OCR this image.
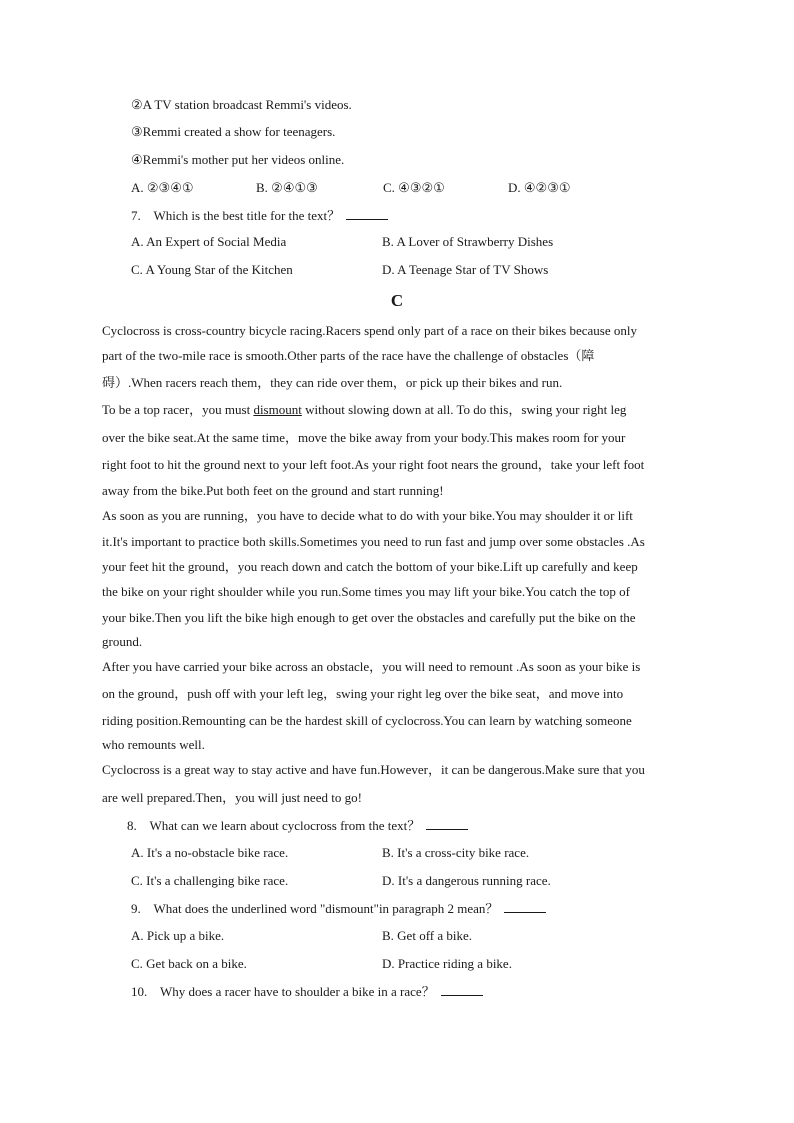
②A TV station broadcast Remmi's videos.
③Remmi created a show for teenagers.
④Remmi's mother put her videos online.
A. ②③④①	B. ②④①③	C. ④③②①	D. ④②③①
7. Which is the best title for the text？
A. An Expert of Social Media	B. A Lover of Strawberry Dishes
C. A Young Star of the Kitchen	D. A Teenage Star of TV Shows
C
Cyclocross is cross-country bicycle racing.Racers spend only part of a race on their bikes because only
part of the two-mile race is smooth.Other parts of the race have the challenge of obstacles（障
碍）.When racers reach them，they can ride over them，or pick up their bikes and run.
To be a top racer，you must dismount without slowing down at all. To do this，swing your right leg
over the bike seat.At the same time，move the bike away from your body.This makes room for your
right foot to hit the ground next to your left foot.As your right foot nears the ground，take your left foot
away from the bike.Put both feet on the ground and start running!
As soon as you are running，you have to decide what to do with your bike.You may shoulder it or lift
it.It's important to practice both skills.Sometimes you need to run fast and jump over some obstacles .As
your feet hit the ground，you reach down and catch the bottom of your bike.Lift up carefully and keep
the bike on your right shoulder while you run.Some times you may lift your bike.You catch the top of
your bike.Then you lift the bike high enough to get over the obstacles and carefully put the bike on the
ground.
After you have carried your bike across an obstacle，you will need to remount .As soon as your bike is
on the ground，push off with your left leg，swing your right leg over the bike seat，and move into
riding position.Remounting can be the hardest skill of cyclocross.You can learn by watching someone
who remounts well.
Cyclocross is a great way to stay active and have fun.However，it can be dangerous.Make sure that you
are well prepared.Then，you will just need to go!
8. What can we learn about cyclocross from the text？
A. It's a no-obstacle bike race.	B. It's a cross-city bike race.
C. It's a challenging bike race.	D. It's a dangerous running race.
9. What does the underlined word "dismount"in paragraph 2 mean？
A. Pick up a bike.	B. Get off a bike.
C. Get back on a bike.	D. Practice riding a bike.
10. Why does a racer have to shoulder a bike in a race？
